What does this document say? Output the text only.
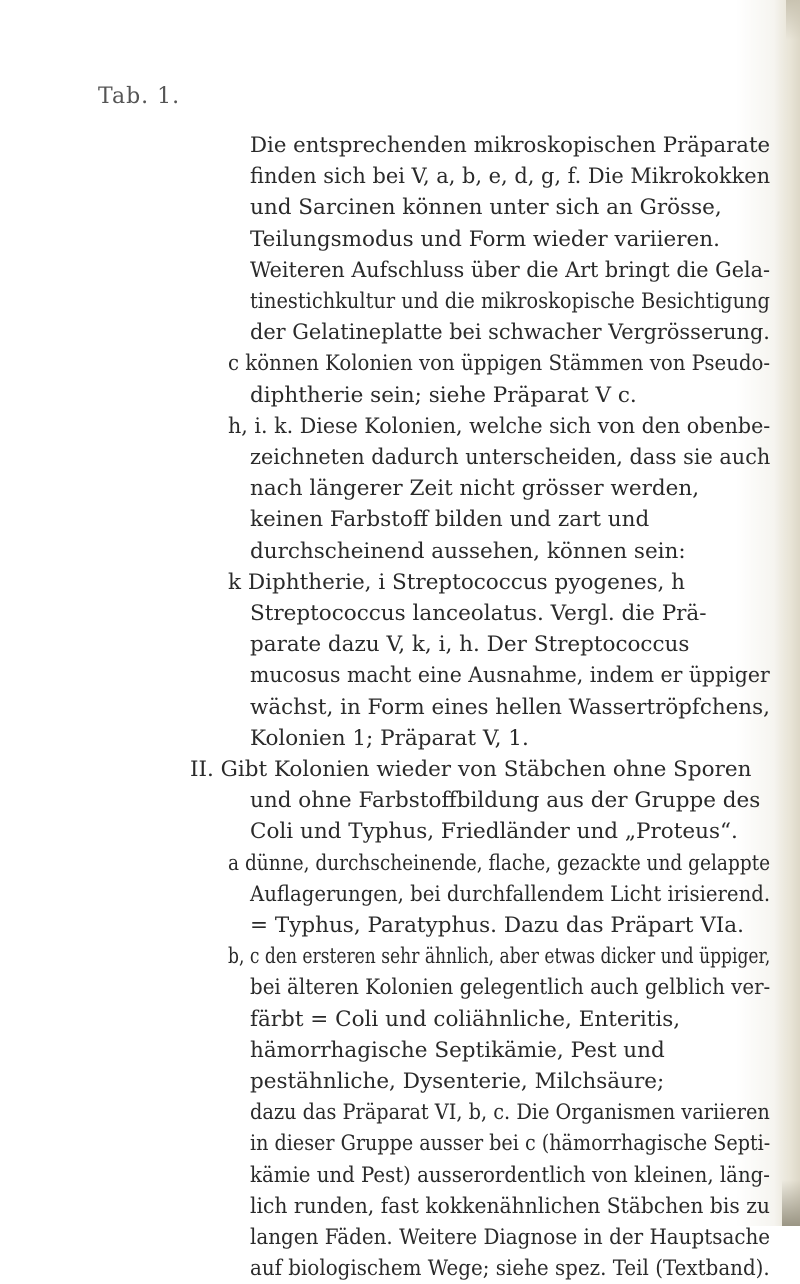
Tab. 1.
Die entsprechenden mikroskopischen Präparate
finden sich bei V, a, b, e, d, g, f. Die Mikrokokken
und Sarcinen können unter sich an Grösse,
Teilungsmodus und Form wieder variieren.
Weiteren Aufschluss über die Art bringt die Gela-
tinestichkultur und die mikroskopische Besichtigung
der Gelatineplatte bei schwacher Vergrösserung.
c können Kolonien von üppigen Stämmen von Pseudo-
diphtherie sein; siehe Präparat V c.
h, i. k. Diese Kolonien, welche sich von den obenbe-
zeichneten dadurch unterscheiden, dass sie auch
nach längerer Zeit nicht grösser werden,
keinen Farbstoff bilden und zart und
durchscheinend aussehen, können sein:
k Diphtherie, i Streptococcus pyogenes, h
Streptococcus lanceolatus. Vergl. die Prä-
parate dazu V, k, i, h. Der Streptococcus
mucosus macht eine Ausnahme, indem er üppiger
wächst, in Form eines hellen Wassertröpfchens,
Kolonien 1; Präparat V, 1.
II. Gibt Kolonien wieder von Stäbchen ohne Sporen
und ohne Farbstoffbildung aus der Gruppe des
Coli und Typhus, Friedländer und „Proteus“.
a dünne, durchscheinende, flache, gezackte und gelappte
Auflagerungen, bei durchfallendem Licht irisierend.
= Typhus, Paratyphus. Dazu das Präpart VIa.
b, c den ersteren sehr ähnlich, aber etwas dicker und üppiger,
bei älteren Kolonien gelegentlich auch gelblich ver-
färbt = Coli und coliähnliche, Enteritis,
hämorrhagische Septikämie, Pest und
pestähnliche, Dysenterie, Milchsäure;
dazu das Präparat VI, b, c. Die Organismen variieren
in dieser Gruppe ausser bei c (hämorrhagische Septi-
kämie und Pest) ausserordentlich von kleinen, läng-
lich runden, fast kokkenähnlichen Stäbchen bis zu
langen Fäden. Weitere Diagnose in der Hauptsache
auf biologischem Wege; siehe spez. Teil (Textband).
